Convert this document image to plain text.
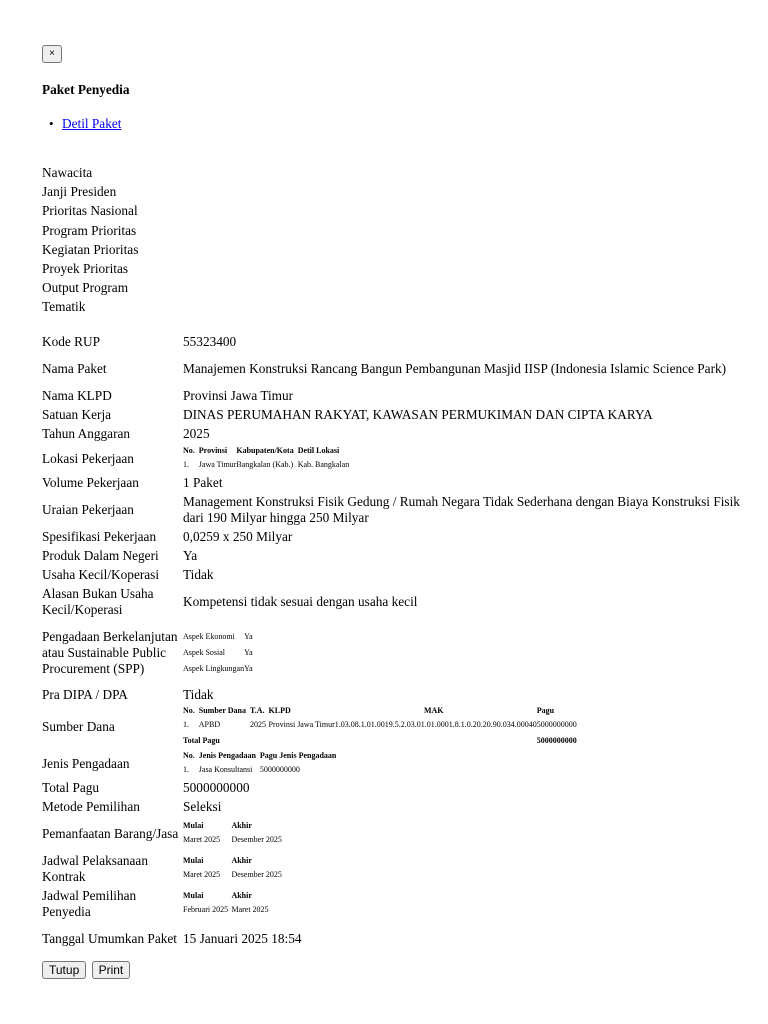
×
Paket Penyedia
• Detil Paket
Nawacita
Janji Presiden
Prioritas Nasional
Program Prioritas
Kegiatan Prioritas
Proyek Prioritas
Output Program
Tematik
Kode RUP	55323400
Nama Paket	Manajemen Konstruksi Rancang Bangun Pembangunan Masjid IISP (Indonesia Islamic Science Park)
Nama KLPD	Provinsi Jawa Timur
Satuan Kerja	DINAS PERUMAHAN RAKYAT, KAWASAN PERMUKIMAN DAN CIPTA KARYA
Tahun Anggaran	2025
Lokasi Pekerjaan	
No.	Provinsi	Kabupaten/Kota	Detil Lokasi
1.	Jawa Timur	Bangkalan (Kab.)	Kab. Bangkalan

Volume Pekerjaan	1 Paket
Uraian Pekerjaan	Management Konstruksi Fisik Gedung / Rumah Negara Tidak Sederhana dengan Biaya Konstruksi Fisik dari 190 Milyar hingga 250 Milyar
Spesifikasi Pekerjaan	0,0259 x 250 Milyar
Produk Dalam Negeri	Ya
Usaha Kecil/Koperasi	Tidak
Alasan Bukan Usaha Kecil/Koperasi	Kompetensi tidak sesuai dengan usaha kecil
Pengadaan Berkelanjutan atau Sustainable Public Procurement (SPP)	
Aspek Ekonomi	Ya
Aspek Sosial	Ya
Aspek Lingkungan	Ya

Pra DIPA / DPA	Tidak
Sumber Dana	
No.	Sumber Dana	T.A.	KLPD	MAK	Pagu
1.	APBD	2025	Provinsi Jawa Timur	1.03.08.1.01.0019.5.2.03.01.01.0001.8.1.0.20.20.90.034.00040	5000000000
Total Pagu	5000000000

Jenis Pengadaan	
No.	Jenis Pengadaan	Pagu Jenis Pengadaan
1.	Jasa Konsultansi	5000000000

Total Pagu	5000000000
Metode Pemilihan	Seleksi
Pemanfaatan Barang/Jasa	
Mulai	Akhir
Maret 2025	Desember 2025

Jadwal Pelaksanaan Kontrak	
Mulai	Akhir
Maret 2025	Desember 2025

Jadwal Pemilihan Penyedia	
Mulai	Akhir
Februari 2025	Maret 2025

Tanggal Umumkan Paket	15 Januari 2025 18:54
Tutup Print
